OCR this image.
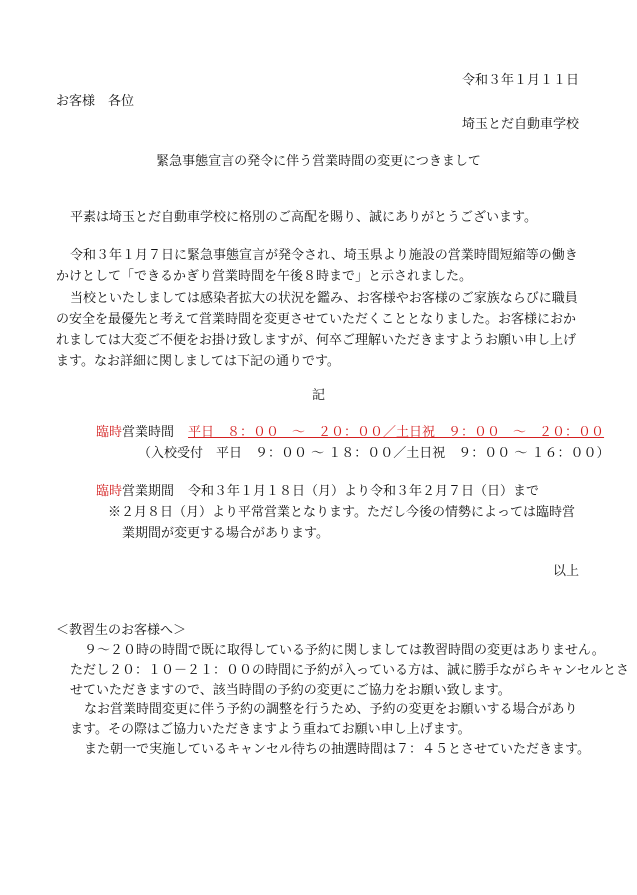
令和３年１月１１日
お客様　各位
埼玉とだ自動車学校
緊急事態宣言の発令に伴う営業時間の変更につきまして
平素は埼玉とだ自動車学校に格別のご高配を賜り、誠にありがとうございます。
令和３年１月７日に緊急事態宣言が発令され、埼玉県より施設の営業時間短縮等の働き
かけとして「できるかぎり営業時間を午後８時まで」と示されました。
当校といたしましては感染者拡大の状況を鑑み、お客様やお客様のご家族ならびに職員
の安全を最優先と考えて営業時間を変更させていただくこととなりました。お客様におか
れましては大変ご不便をお掛け致しますが、何卒ご理解いただきますようお願い申し上げ
ます。なお詳細に関しましては下記の通りです。
記
臨時営業時間 平日　８：００　～　２０：００／土日祝　９：００　～　２０：００
（入校受付　平日　９：００ ～ １８：００／土日祝　９：００ ～ １６：００）
臨時営業期間 令和３年１月１８日（月）より令和３年２月７日（日）まで
※２月８日（月）より平常営業となります。ただし今後の情勢によっては臨時営
業期間が変更する場合があります。
以上
＜教習生のお客様へ＞
９～２０時の時間で既に取得している予約に関しましては教習時間の変更はありません。
ただし２０：１０－２１：００の時間に予約が入っている方は、誠に勝手ながらキャンセルとさ
せていただきますので、該当時間の予約の変更にご協力をお願い致します。
なお営業時間変更に伴う予約の調整を行うため、予約の変更をお願いする場合があり
ます。その際はご協力いただきますよう重ねてお願い申し上げます。
また朝一で実施しているキャンセル待ちの抽選時間は７：４５とさせていただきます。
